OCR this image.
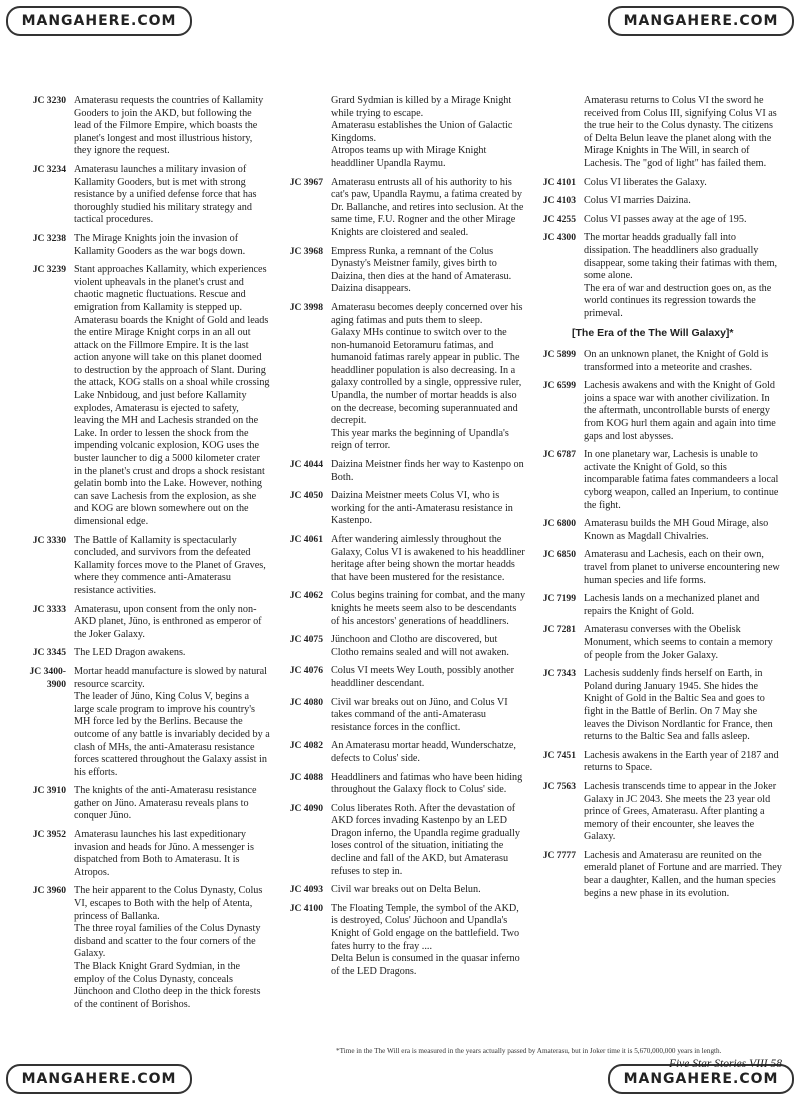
MANGAHERE.COM	MANGAHERE.COM
MANGAHERE.COM	MANGAHERE.COM
JC 3230 Amaterasu requests the countries of Kallamity Gooders to join the AKD, but following the lead of the Filmore Empire, which boasts the planet's longest and most illustrious history, they ignore the request.
JC 3234 Amaterasu launches a military invasion of Kallamity Gooders, but is met with strong resistance by a unified defense force that has thoroughly studied his military strategy and tactical procedures.
JC 3238 The Mirage Knights join the invasion of Kallamity Gooders as the war bogs down.
JC 3239 Stant approaches Kallamity, which experiences violent upheavals in the planet's crust and chaotic magnetic fluctuations. Rescue and emigration from Kallamity is stepped up. Amaterasu boards the Knight of Gold and leads the entire Mirage Knight corps in an all out attack on the Fillmore Empire. It is the last action anyone will take on this planet doomed to destruction by the approach of Slant. During the attack, KOG stalls on a shoal while crossing Lake Nnbidoug, and just before Kallamity explodes, Amaterasu is ejected to safety, leaving the MH and Lachesis stranded on the Lake. In order to lessen the shock from the impending volcanic explosion, KOG uses the buster launcher to dig a 5000 kilometer crater in the planet's crust and drops a shock resistant gelatin bomb into the Lake. However, nothing can save Lachesis from the explosion, as she and KOG are blown somewhere out on the dimensional edge.
JC 3330 The Battle of Kallamity is spectacularly concluded, and survivors from the defeated Kallamity forces move to the Planet of Graves, where they commence anti-Amaterasu resistance activities.
JC 3333 Amaterasu, upon consent from the only non-AKD planet, Jüno, is enthroned as emperor of the Joker Galaxy.
JC 3345 The LED Dragon awakens.
JC 3400-
3900
Mortar headd manufacture is slowed by natural resource scarcity.
The leader of Jüno, King Colus V, begins a large scale program to improve his country's MH force led by the Berlins. Because the outcome of any battle is invariably decided by a clash of MHs, the anti-Amaterasu resistance forces scattered throughout the Galaxy assist in his efforts.
JC 3910 The knights of the anti-Amaterasu resistance gather on Jüno. Amaterasu reveals plans to conquer Jüno.
JC 3952 Amaterasu launches his last expeditionary invasion and heads for Jüno. A messenger is dispatched from Both to Amaterasu. It is Atropos.
JC 3960 The heir apparent to the Colus Dynasty, Colus VI, escapes to Both with the help of Atenta, princess of Ballanka.
The three royal families of the Colus Dynasty disband and scatter to the four corners of the Galaxy.
The Black Knight Grard Sydmian, in the employ of the Colus Dynasty, conceals Jünchoon and Clotho deep in the thick forests of the continent of Borishos.
Grard Sydmian is killed by a Mirage Knight while trying to escape.
Amaterasu establishes the Union of Galactic Kingdoms.
Atropos teams up with Mirage Knight headdliner Upandla Raymu.
JC 3967 Amaterasu entrusts all of his authority to his cat's paw, Upandla Raymu, a fatima created by Dr. Ballanche, and retires into seclusion. At the same time, F.U. Rogner and the other Mirage Knights are cloistered and sealed.
JC 3968 Empress Runka, a remnant of the Colus Dynasty's Meistner family, gives birth to Daizina, then dies at the hand of Amaterasu. Daizina disappears.
JC 3998 Amaterasu becomes deeply concerned over his aging fatimas and puts them to sleep.
Galaxy MHs continue to switch over to the non-humanoid Eetoramuru fatimas, and humanoid fatimas rarely appear in public. The headdliner population is also decreasing. In a galaxy controlled by a single, oppressive ruler, Upandla, the number of mortar headds is also on the decrease, becoming superannuated and decrepit.
This year marks the beginning of Upandla's reign of terror.
JC 4044 Daizina Meistner finds her way to Kastenpo on Both.
JC 4050 Daizina Meistner meets Colus VI, who is working for the anti-Amaterasu resistance in Kastenpo.
JC 4061 After wandering aimlessly throughout the Galaxy, Colus VI is awakened to his headdliner heritage after being shown the mortar headds that have been mustered for the resistance.
JC 4062 Colus begins training for combat, and the many knights he meets seem also to be descendants of his ancestors' generations of headdliners.
JC 4075 Jünchoon and Clotho are discovered, but Clotho remains sealed and will not awaken.
JC 4076 Colus VI meets Wey Louth, possibly another headdliner descendant.
JC 4080 Civil war breaks out on Jüno, and Colus VI takes command of the anti-Amaterasu resistance forces in the conflict.
JC 4082 An Amaterasu mortar headd, Wunderschatze, defects to Colus' side.
JC 4088 Headdliners and fatimas who have been hiding throughout the Galaxy flock to Colus' side.
JC 4090 Colus liberates Roth. After the devastation of AKD forces invading Kastenpo by an LED Dragon inferno, the Upandla regime gradually loses control of the situation, initiating the decline and fall of the AKD, but Amaterasu refuses to step in.
JC 4093 Civil war breaks out on Delta Belun.
JC 4100 The Floating Temple, the symbol of the AKD, is destroyed, Colus' Jüchoon and Upandla's Knight of Gold engage on the battlefield. Two fates hurry to the fray ....
Delta Belun is consumed in the quasar inferno of the LED Dragons.
Amaterasu returns to Colus VI the sword he received from Colus III, signifying Colus VI as the true heir to the Colus dynasty. The citizens of Delta Belun leave the planet along with the Mirage Knights in The Will, in search of Lachesis. The "god of light" has failed them.
JC 4101 Colus VI liberates the Galaxy.
JC 4103 Colus VI marries Daizina.
JC 4255 Colus VI passes away at the age of 195.
JC 4300 The mortar headds gradually fall into dissipation. The headdliners also gradually disappear, some taking their fatimas with them, some alone.
The era of war and destruction goes on, as the world continues its regression towards the primeval.
[The Era of the The Will Galaxy]*
JC 5899 On an unknown planet, the Knight of Gold is transformed into a meteorite and crashes.
JC 6599 Lachesis awakens and with the Knight of Gold joins a space war with another civilization. In the aftermath, uncontrollable bursts of energy from KOG hurl them again and again into time gaps and lost abysses.
JC 6787 In one planetary war, Lachesis is unable to activate the Knight of Gold, so this incomparable fatima fates commandeers a local cyborg weapon, called an Inperium, to continue the fight.
JC 6800 Amaterasu builds the MH Goud Mirage, also Known as Magdall Chivalries.
JC 6850 Amaterasu and Lachesis, each on their own, travel from planet to universe encountering new human species and life forms.
JC 7199 Lachesis lands on a mechanized planet and repairs the Knight of Gold.
JC 7281 Amaterasu converses with the Obelisk Monument, which seems to contain a memory of people from the Joker Galaxy.
JC 7343 Lachesis suddenly finds herself on Earth, in Poland during January 1945. She hides the Knight of Gold in the Baltic Sea and goes to fight in the Battle of Berlin. On 7 May she leaves the Divison Nordlantic for France, then returns to the Baltic Sea and falls asleep.
JC 7451 Lachesis awakens in the Earth year of 2187 and returns to Space.
JC 7563 Lachesis transcends time to appear in the Joker Galaxy in JC 2043. She meets the 23 year old prince of Grees, Amaterasu. After planting a memory of their encounter, she leaves the Galaxy.
JC 7777 Lachesis and Amaterasu are reunited on the emerald planet of Fortune and are married. They bear a daughter, Kallen, and the human species begins a new phase in its evolution.
*Time in the The Will era is measured in the years actually passed by Amaterasu, but in Joker time it is 5,670,000,000 years in length.
Five Star Stories VIII 58
